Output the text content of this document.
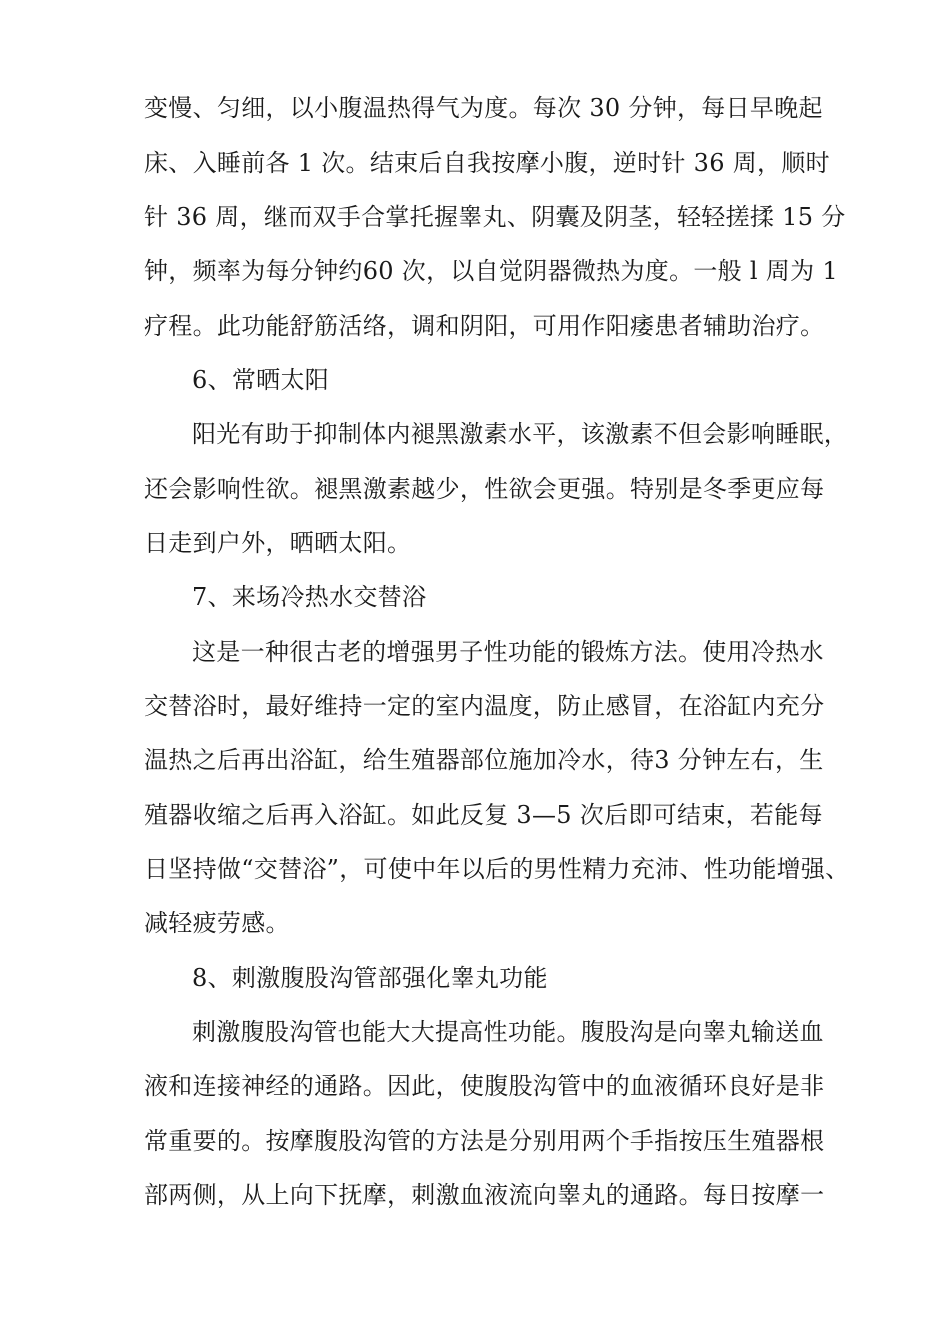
变慢、匀细，以小腹温热得气为度。每次 30 分钟，每日早晚起
床、入睡前各 1 次。结束后自我按摩小腹，逆时针 36 周，顺时
针 36 周，继而双手合掌托握睾丸、阴囊及阴茎，轻轻搓揉 15 分
钟，频率为每分钟约60 次，以自觉阴器微热为度。一般 l 周为 1
疗程。此功能舒筋活络，调和阴阳，可用作阳痿患者辅助治疗。
6、常晒太阳
阳光有助于抑制体内褪黑激素水平，该激素不但会影响睡眠，
还会影响性欲。褪黑激素越少，性欲会更强。特别是冬季更应每
日走到户外，晒晒太阳。
7、来场冷热水交替浴
这是一种很古老的增强男子性功能的锻炼方法。使用冷热水
交替浴时，最好维持一定的室内温度，防止感冒，在浴缸内充分
温热之后再出浴缸，给生殖器部位施加冷水，待3 分钟左右，生
殖器收缩之后再入浴缸。如此反复 3—5 次后即可结束，若能每
日坚持做“交替浴”，可使中年以后的男性精力充沛、性功能增强、
减轻疲劳感。
8、刺激腹股沟管部强化睾丸功能
刺激腹股沟管也能大大提高性功能。腹股沟是向睾丸输送血
液和连接神经的通路。因此，使腹股沟管中的血液循环良好是非
常重要的。按摩腹股沟管的方法是分别用两个手指按压生殖器根
部两侧，从上向下抚摩，刺激血液流向睾丸的通路。每日按摩一
